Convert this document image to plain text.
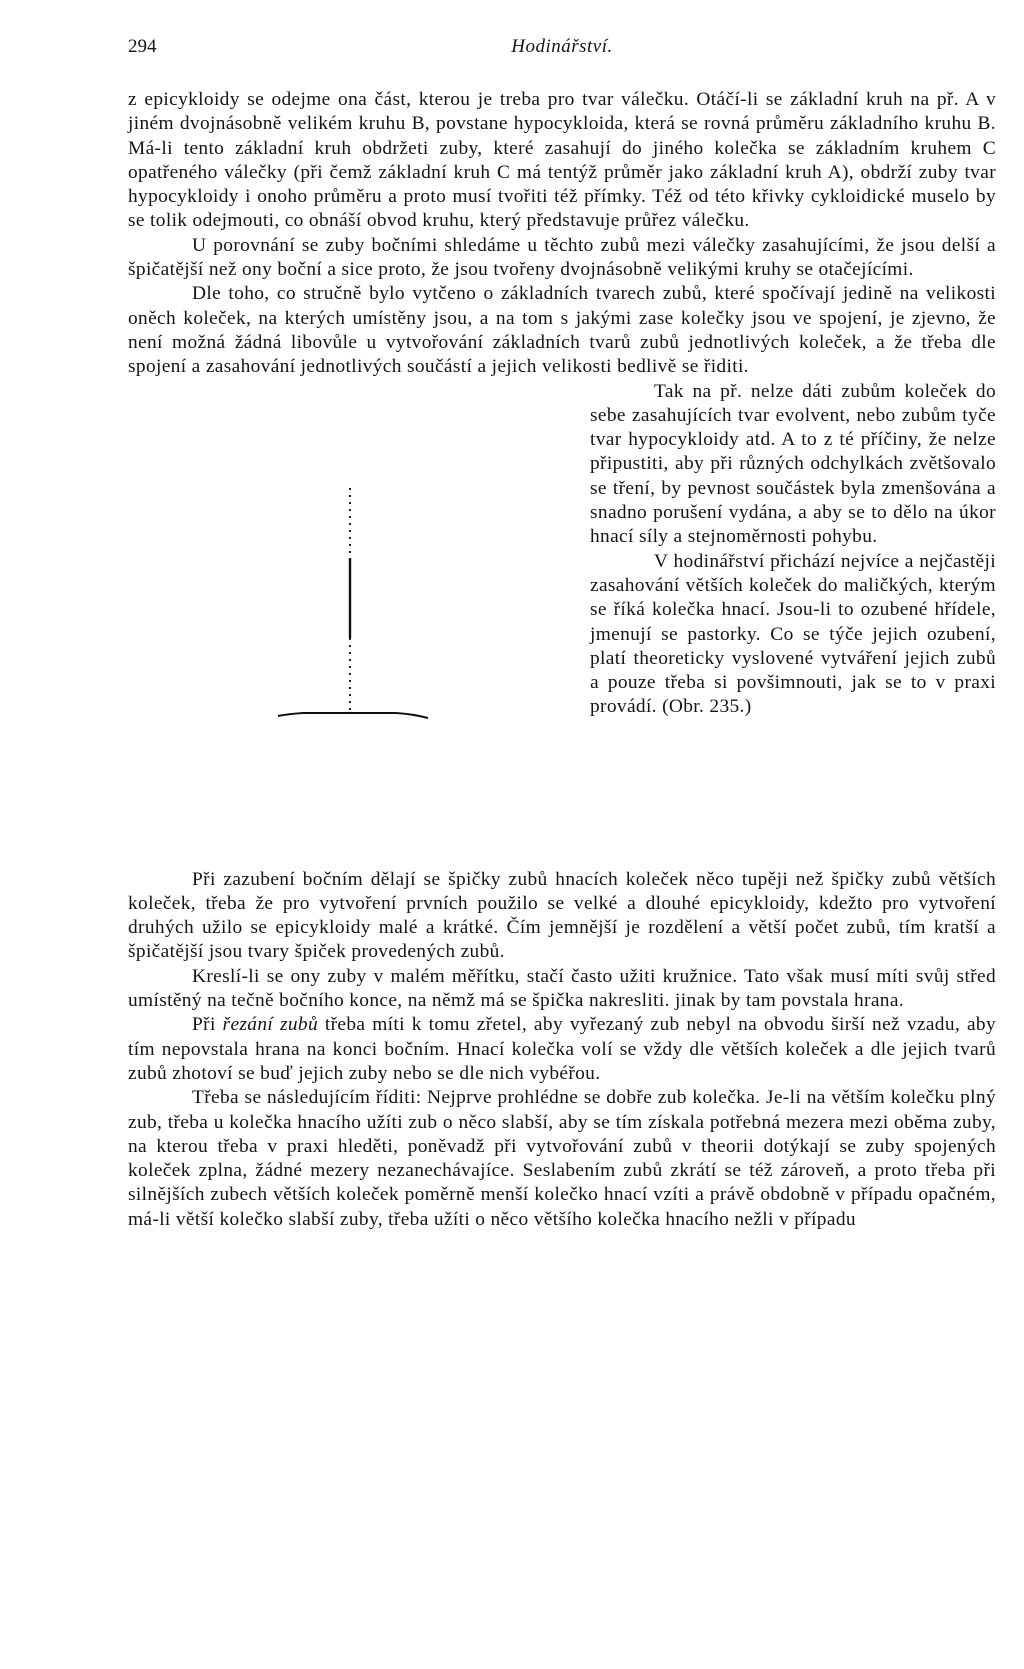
294	Hodinářství.

z epicykloidy se odejme ona část, kterou je treba pro tvar válečku. Otáčí-li se základní kruh na př. A v jiném dvojnásobně velikém kruhu B, povstane hypocykloida, která se rovná průměru základního kruhu B. Má-li tento základní kruh obdržeti zuby, které zasahují do jiného kolečka se základním kruhem C opatřeného válečky (při čemž základní kruh C má tentýž průměr jako základní kruh A), obdrží zuby tvar hypocykloidy i onoho průměru a proto musí tvořiti též přímky. Též od této křivky cykloidické muselo by se tolik odejmouti, co obnáší obvod kruhu, který představuje průřez válečku.

U porovnání se zuby bočními shledáme u těchto zubů mezi válečky zasahujícími, že jsou delší a špičatější než ony boční a sice proto, že jsou tvořeny dvojnásobně velikými kruhy se otačejícími.

Dle toho, co stručně bylo vytčeno o základních tvarech zubů, které spočívají jedině na velikosti oněch koleček, na kterých umístěny jsou, a na tom s jakými zase kolečky jsou ve spojení, je zjevno, že není možná žádná libovůle u vytvořování základních tvarů zubů jednotlivých koleček, a že třeba dle spojení a zasahování jednotlivých součástí a jejich velikosti bedlivě se řiditi.

Tak na př. nelze dáti zubům koleček do sebe zasahujících tvar evolvent, nebo zubům tyče tvar hypocykloidy atd. A to z té příčiny, že nelze připustiti, aby při různých odchylkách zvětšovalo se tření, by pevnost součástek byla zmenšována a snadno porušení vydána, a aby se to dělo na úkor hnací síly a stejnoměrnosti pohybu.

V hodinářství přichází nejvíce a nejčastěji zasahování větších koleček do maličkých, kterým se říká kolečka hnací. Jsou-li to ozubené hřídele, jmenují se pastorky. Co se týče jejich ozubení, platí theoreticky vyslovené vytváření jejich zubů a pouze třeba si povšimnouti, jak se to v praxi provádí. (Obr. 235.)

Při zazubení bočním dělají se špičky zubů hnacích koleček něco tupěji než špičky zubů větších koleček, třeba že pro vytvoření prvních použilo se velké a dlouhé epicykloidy, kdežto pro vytvoření druhých užilo se epicykloidy malé a krátké. Čím jemnější je rozdělení a větší počet zubů, tím kratší a špičatější jsou tvary špiček provedených zubů.

Kreslí-li se ony zuby v malém měřítku, stačí často užiti kružnice. Tato však musí míti svůj střed umístěný na tečně bočního konce, na němž má se špička nakresliti. jinak by tam povstala hrana.

Při řezání zubů třeba míti k tomu zřetel, aby vyřezaný zub nebyl na obvodu širší než vzadu, aby tím nepovstala hrana na konci bočním. Hnací kolečka volí se vždy dle větších koleček a dle jejich tvarů zubů zhotoví se buď jejich zuby nebo se dle nich vybéřou.

Třeba se následujícím říditi: Nejprve prohlédne se dobře zub kolečka. Je-li na větším kolečku plný zub, třeba u kolečka hnacího užíti zub o něco slabší, aby se tím získala potřebná mezera mezi oběma zuby, na kterou třeba v praxi hleděti, poněvadž při vytvořování zubů v theorii dotýkají se zuby spojených koleček zplna, žádné mezery nezanechávajíce. Seslabením zubů zkrátí se též zároveň, a proto třeba při silnějších zubech větších koleček poměrně menší kolečko hnací vzíti a právě obdobně v případu opačném, má-li větší kolečko slabší zuby, třeba užíti o něco většího kolečka hnacího nežli v případu
